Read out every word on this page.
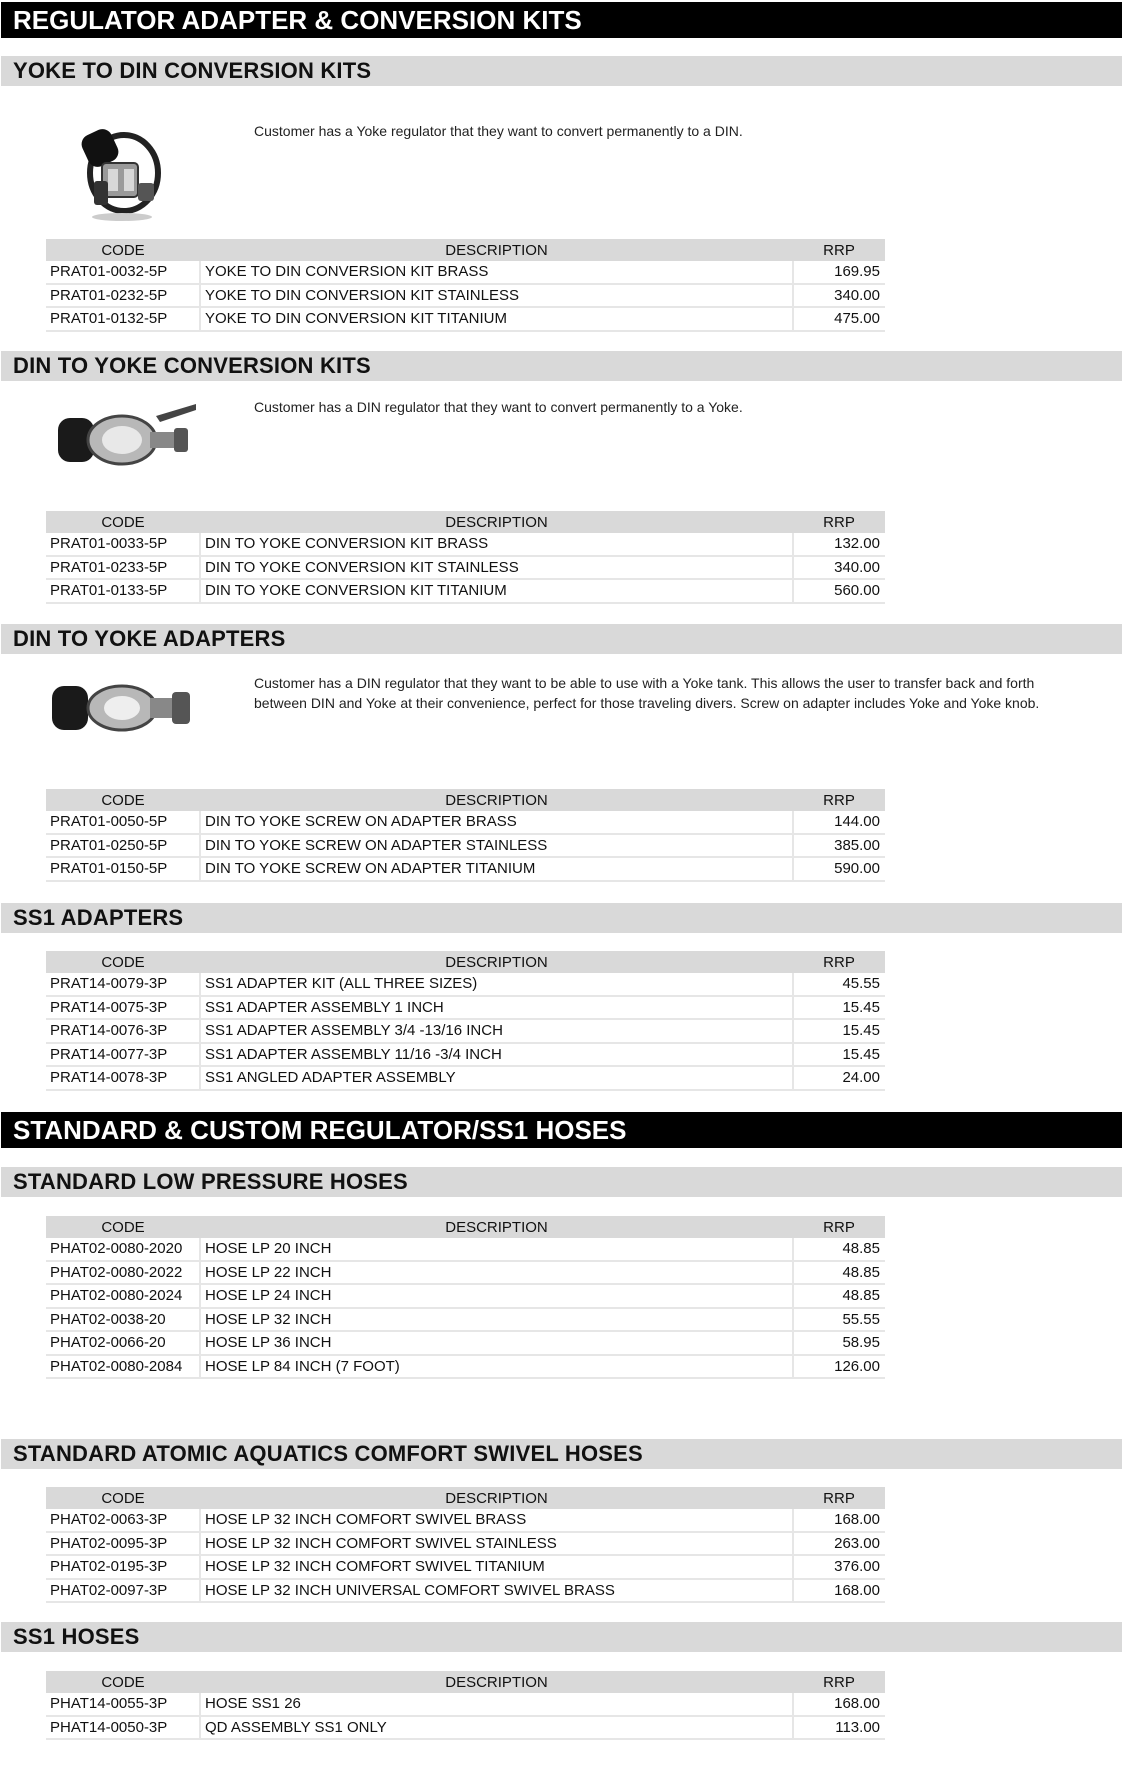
REGULATOR ADAPTER & CONVERSION KITS
YOKE TO DIN CONVERSION KITS
Customer has a Yoke regulator that they want to convert permanently to a DIN.
CODE	DESCRIPTION	RRP
PRAT01-0032-5P	YOKE TO DIN CONVERSION KIT BRASS	169.95
PRAT01-0232-5P	YOKE TO DIN CONVERSION KIT STAINLESS	340.00
PRAT01-0132-5P	YOKE TO DIN CONVERSION KIT TITANIUM	475.00
DIN TO YOKE CONVERSION KITS
Customer has a DIN regulator that they want to convert permanently to a Yoke.
CODE	DESCRIPTION	RRP
PRAT01-0033-5P	DIN TO YOKE CONVERSION KIT BRASS	132.00
PRAT01-0233-5P	DIN TO YOKE CONVERSION KIT STAINLESS	340.00
PRAT01-0133-5P	DIN TO YOKE CONVERSION KIT TITANIUM	560.00
DIN TO YOKE ADAPTERS
Customer has a DIN regulator that they want to be able to use with a Yoke tank. This allows the user to transfer back and forth
between DIN and Yoke at their convenience, perfect for those traveling divers. Screw on adapter includes Yoke and Yoke knob.
CODE	DESCRIPTION	RRP
PRAT01-0050-5P	DIN TO YOKE SCREW ON ADAPTER BRASS	144.00
PRAT01-0250-5P	DIN TO YOKE SCREW ON ADAPTER STAINLESS	385.00
PRAT01-0150-5P	DIN TO YOKE SCREW ON ADAPTER TITANIUM	590.00
SS1 ADAPTERS
CODE	DESCRIPTION	RRP
PRAT14-0079-3P	SS1 ADAPTER KIT (ALL THREE SIZES)	45.55
PRAT14-0075-3P	SS1 ADAPTER ASSEMBLY 1 INCH	15.45
PRAT14-0076-3P	SS1 ADAPTER ASSEMBLY 3/4 -13/16 INCH	15.45
PRAT14-0077-3P	SS1 ADAPTER ASSEMBLY 11/16 -3/4 INCH	15.45
PRAT14-0078-3P	SS1 ANGLED ADAPTER ASSEMBLY	24.00
STANDARD & CUSTOM REGULATOR/SS1 HOSES
STANDARD LOW PRESSURE HOSES
CODE	DESCRIPTION	RRP
PHAT02-0080-2020	HOSE LP 20 INCH	48.85
PHAT02-0080-2022	HOSE LP 22 INCH	48.85
PHAT02-0080-2024	HOSE LP 24 INCH	48.85
PHAT02-0038-20	HOSE LP 32 INCH	55.55
PHAT02-0066-20	HOSE LP 36 INCH	58.95
PHAT02-0080-2084	HOSE LP 84 INCH (7 FOOT)	126.00
STANDARD ATOMIC AQUATICS COMFORT SWIVEL HOSES
CODE	DESCRIPTION	RRP
PHAT02-0063-3P	HOSE LP 32 INCH COMFORT SWIVEL BRASS	168.00
PHAT02-0095-3P	HOSE LP 32 INCH COMFORT SWIVEL STAINLESS	263.00
PHAT02-0195-3P	HOSE LP 32 INCH COMFORT SWIVEL TITANIUM	376.00
PHAT02-0097-3P	HOSE LP 32 INCH UNIVERSAL COMFORT SWIVEL BRASS	168.00
SS1 HOSES
CODE	DESCRIPTION	RRP
PHAT14-0055-3P	HOSE SS1 26	168.00
PHAT14-0050-3P	QD ASSEMBLY SS1 ONLY	113.00
